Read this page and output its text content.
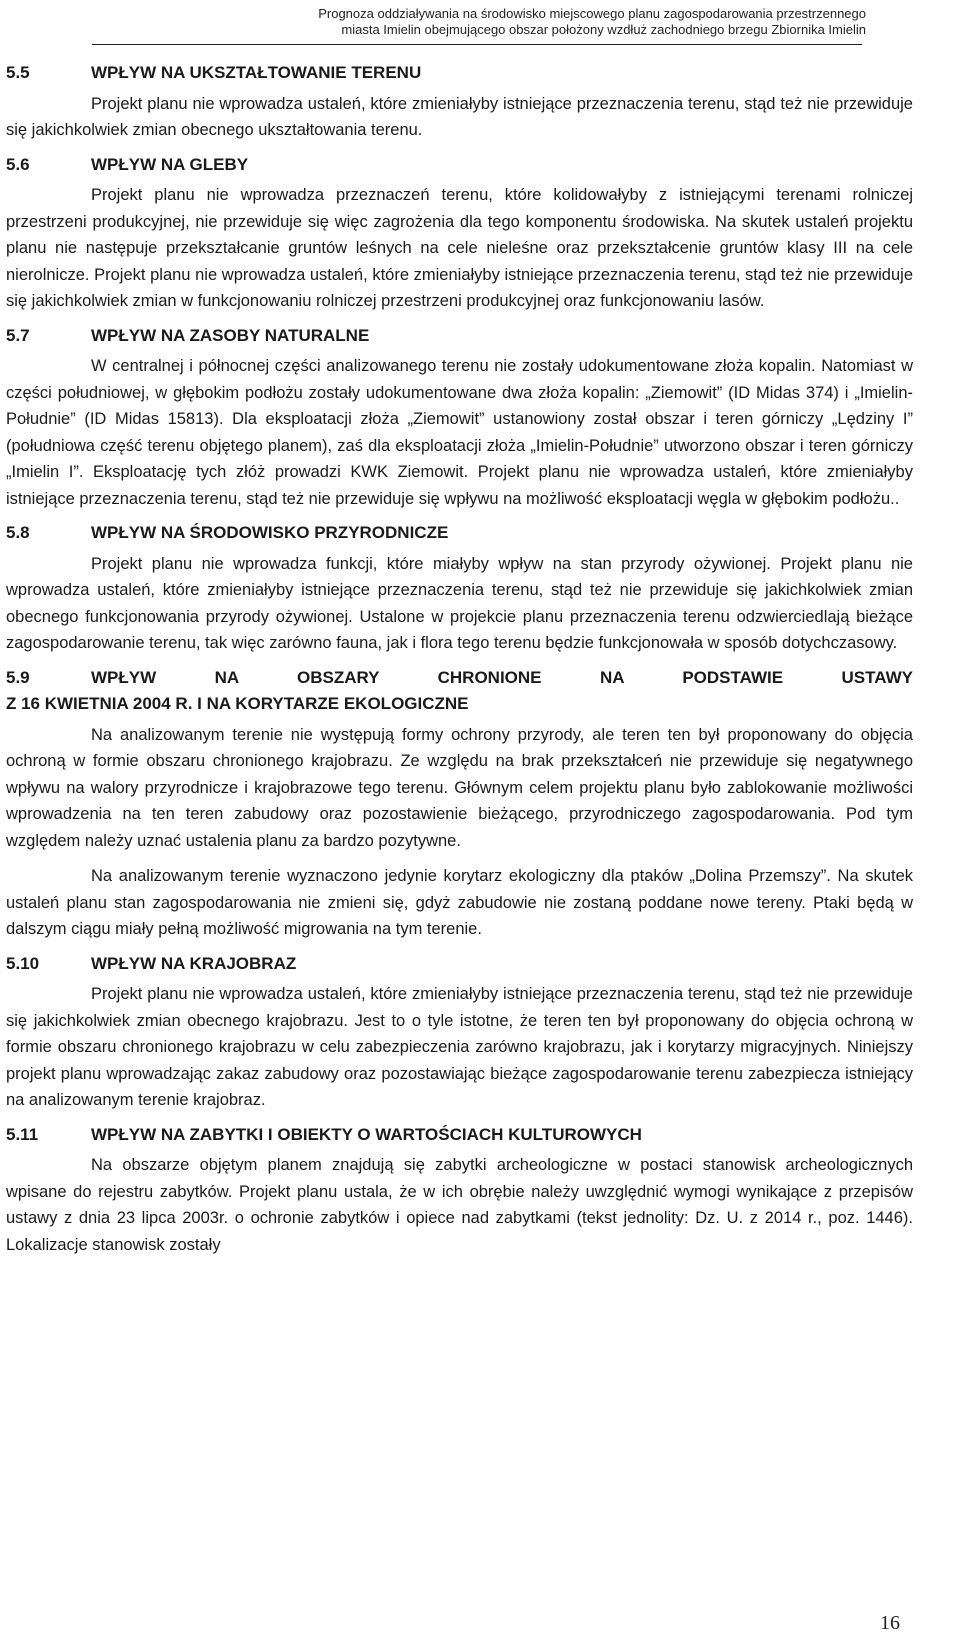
Prognoza oddziaływania na środowisko miejscowego planu zagospodarowania przestrzennego
miasta Imielin obejmującego obszar położony wzdłuż zachodniego brzegu Zbiornika Imielin
5.5	WPŁYW NA UKSZTAŁTOWANIE TERENU

Projekt planu nie wprowadza ustaleń, które zmieniałyby istniejące przeznaczenia terenu, stąd też nie przewiduje się jakichkolwiek zmian obecnego ukształtowania terenu.

5.6	WPŁYW NA GLEBY

Projekt planu nie wprowadza przeznaczeń terenu, które kolidowałyby z istniejącymi terenami rolniczej przestrzeni produkcyjnej, nie przewiduje się więc zagrożenia dla tego komponentu środowiska. Na skutek ustaleń projektu planu nie następuje przekształcanie gruntów leśnych na cele nieleśne oraz przekształcenie gruntów klasy III na cele nierolnicze. Projekt planu nie wprowadza ustaleń, które zmieniałyby istniejące przeznaczenia terenu, stąd też nie przewiduje się jakichkolwiek zmian w funkcjonowaniu rolniczej przestrzeni produkcyjnej oraz funkcjonowaniu lasów.

5.7	WPŁYW NA ZASOBY NATURALNE

W centralnej i północnej części analizowanego terenu nie zostały udokumentowane złoża kopalin. Natomiast w części południowej, w głębokim podłożu zostały udokumentowane dwa złoża kopalin: „Ziemowit” (ID Midas 374) i „Imielin-Południe” (ID Midas 15813). Dla eksploatacji złoża „Ziemowit” ustanowiony został obszar i teren górniczy „Lędziny I” (południowa część terenu objętego planem), zaś dla eksploatacji złoża „Imielin-Południe” utworzono obszar i teren górniczy „Imielin I”. Eksploatację tych złóż prowadzi KWK Ziemowit. Projekt planu nie wprowadza ustaleń, które zmieniałyby istniejące przeznaczenia terenu, stąd też nie przewiduje się wpływu na możliwość eksploatacji węgla w głębokim podłożu..

5.8	WPŁYW NA ŚRODOWISKO PRZYRODNICZE

Projekt planu nie wprowadza funkcji, które miałyby wpływ na stan przyrody ożywionej. Projekt planu nie wprowadza ustaleń, które zmieniałyby istniejące przeznaczenia terenu, stąd też nie przewiduje się jakichkolwiek zmian obecnego funkcjonowania przyrody ożywionej. Ustalone w projekcie planu przeznaczenia terenu odzwierciedlają bieżące zagospodarowanie terenu, tak więc zarówno fauna, jak i flora tego terenu będzie funkcjonowała w sposób dotychczasowy.

5.9	WPŁYW NA OBSZARY CHRONIONE NA PODSTAWIE USTAWY
Z 16 KWIETNIA 2004 R. I NA KORYTARZE EKOLOGICZNE

Na analizowanym terenie nie występują formy ochrony przyrody, ale teren ten był proponowany do objęcia ochroną w formie obszaru chronionego krajobrazu. Ze względu na brak przekształceń nie przewiduje się negatywnego wpływu na walory przyrodnicze i krajobrazowe tego terenu. Głównym celem projektu planu było zablokowanie możliwości wprowadzenia na ten teren zabudowy oraz pozostawienie bieżącego, przyrodniczego zagospodarowania. Pod tym względem należy uznać ustalenia planu za bardzo pozytywne.

Na analizowanym terenie wyznaczono jedynie korytarz ekologiczny dla ptaków „Dolina Przemszy”. Na skutek ustaleń planu stan zagospodarowania nie zmieni się, gdyż zabudowie nie zostaną poddane nowe tereny. Ptaki będą w dalszym ciągu miały pełną możliwość migrowania na tym terenie.

5.10	WPŁYW NA KRAJOBRAZ

Projekt planu nie wprowadza ustaleń, które zmieniałyby istniejące przeznaczenia terenu, stąd też nie przewiduje się jakichkolwiek zmian obecnego krajobrazu. Jest to o tyle istotne, że teren ten był proponowany do objęcia ochroną w formie obszaru chronionego krajobrazu w celu zabezpieczenia zarówno krajobrazu, jak i korytarzy migracyjnych. Niniejszy projekt planu wprowadzając zakaz zabudowy oraz pozostawiając bieżące zagospodarowanie terenu zabezpiecza istniejący na analizowanym terenie krajobraz.

5.11	WPŁYW NA ZABYTKI I OBIEKTY O WARTOŚCIACH KULTUROWYCH

Na obszarze objętym planem znajdują się zabytki archeologiczne w postaci stanowisk archeologicznych wpisane do rejestru zabytków. Projekt planu ustala, że w ich obrębie należy uwzględnić wymogi wynikające z przepisów ustawy z dnia 23 lipca 2003r. o ochronie zabytków i opiece nad zabytkami (tekst jednolity: Dz. U. z 2014 r., poz. 1446). Lokalizacje stanowisk zostały

16
